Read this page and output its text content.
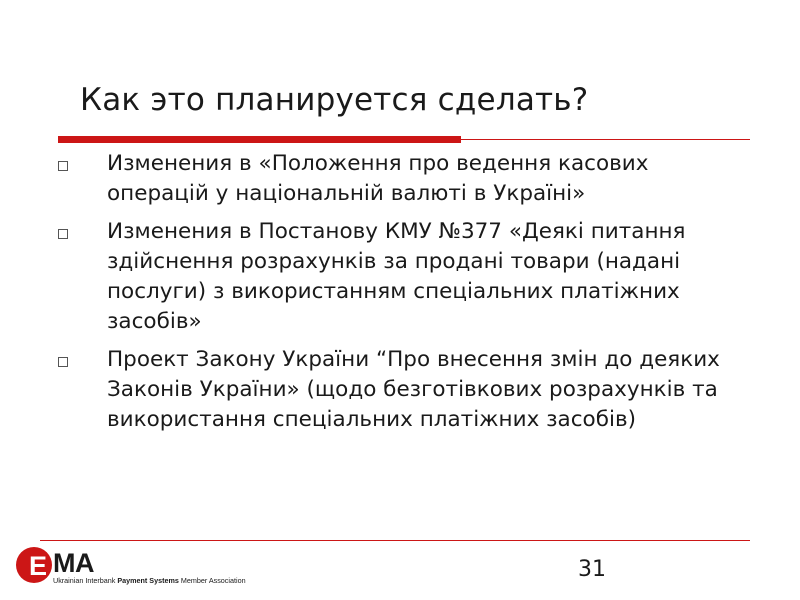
Как это планируется сделать?
Изменения в «Положення про ведення касових операцій у національній валюті в Україні»
Изменения в Постанову КМУ №377 «Деякі питання здійснення розрахунків за продані товари (надані послуги) з використанням спеціальних платіжних засобів»
Проект Закону України “Про внесення змін до деяких Законів України» (щодо безготівкових розрахунків та використання спеціальних платіжних засобів)
E MA
Ukrainian Interbank Payment Systems Member Association	31
